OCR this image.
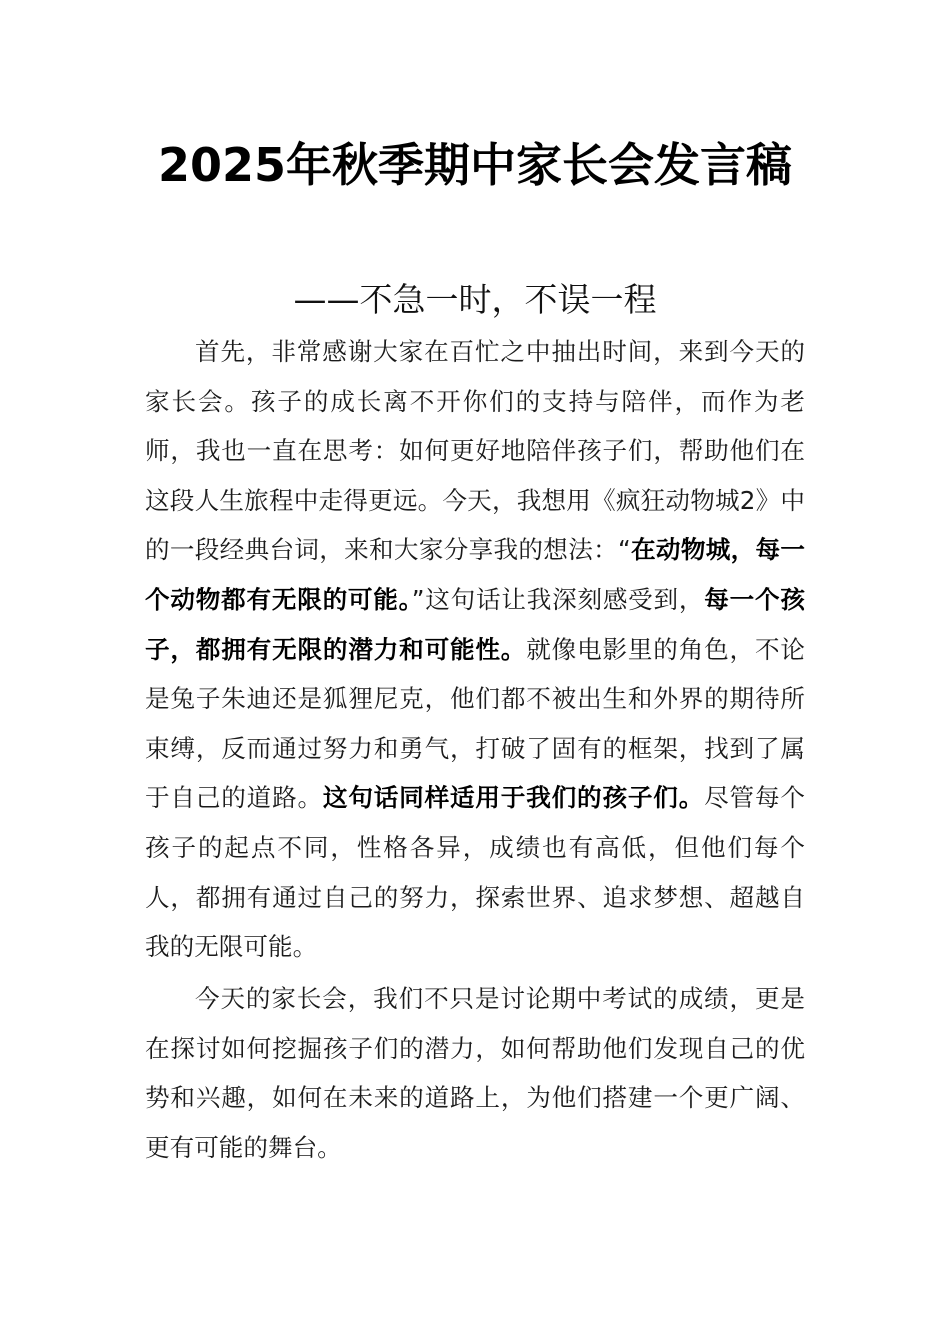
2025年秋季期中家长会发言稿

——不急一时，不误一程

首先，非常感谢大家在百忙之中抽出时间，来到今天的家长会。孩子的成长离不开你们的支持与陪伴，而作为老师，我也一直在思考：如何更好地陪伴孩子们，帮助他们在这段人生旅程中走得更远。今天，我想用《疯狂动物城2》中的一段经典台词，来和大家分享我的想法：“在动物城，每一个动物都有无限的可能。”这句话让我深刻感受到，每一个孩子，都拥有无限的潜力和可能性。就像电影里的角色，不论是兔子朱迪还是狐狸尼克，他们都不被出生和外界的期待所束缚，反而通过努力和勇气，打破了固有的框架，找到了属于自己的道路。这句话同样适用于我们的孩子们。尽管每个孩子的起点不同，性格各异，成绩也有高低，但他们每个人，都拥有通过自己的努力，探索世界、追求梦想、超越自我的无限可能。

今天的家长会，我们不只是讨论期中考试的成绩，更是在探讨如何挖掘孩子们的潜力，如何帮助他们发现自己的优势和兴趣，如何在未来的道路上，为他们搭建一个更广阔、更有可能的舞台。
